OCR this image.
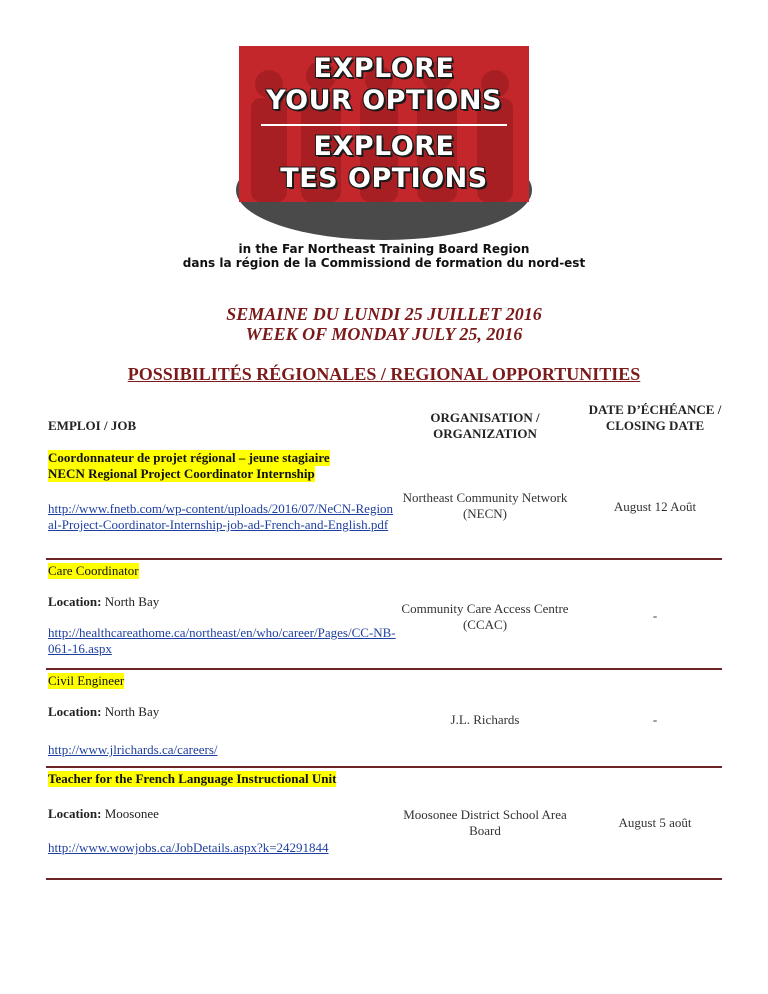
EXPLORE
YOUR OPTIONS
EXPLORE
TES OPTIONS
in the Far Northeast Training Board Region
dans la région de la Commissiond de formation du nord-est
SEMAINE DU LUNDI 25 JUILLET 2016
WEEK OF MONDAY JULY 25, 2016
POSSIBILITÉS RÉGIONALES / REGIONAL OPPORTUNITIES
EMPLOI / JOB
ORGANISATION / ORGANIZATION
DATE D’ÉCHÉANCE / CLOSING DATE
Coordonnateur de projet régional – jeune stagiaire
NECN Regional Project Coordinator Internship
http://www.fnetb.com/wp-content/uploads/2016/07/NeCN-Regional-Project-Coordinator-Internship-job-ad-French-and-English.pdf
Northeast Community Network (NECN)	August 12 Août
Care Coordinator
Location: North Bay
http://healthcareathome.ca/northeast/en/who/career/Pages/CC-NB-061-16.aspx
Community Care Access Centre (CCAC)
-
Civil Engineer
Location: North Bay
http://www.jlrichards.ca/careers/
J.L. Richards	-
Teacher for the French Language Instructional Unit
Location: Moosonee
http://www.wowjobs.ca/JobDetails.aspx?k=24291844
Moosonee District School Area Board
August 5 août
